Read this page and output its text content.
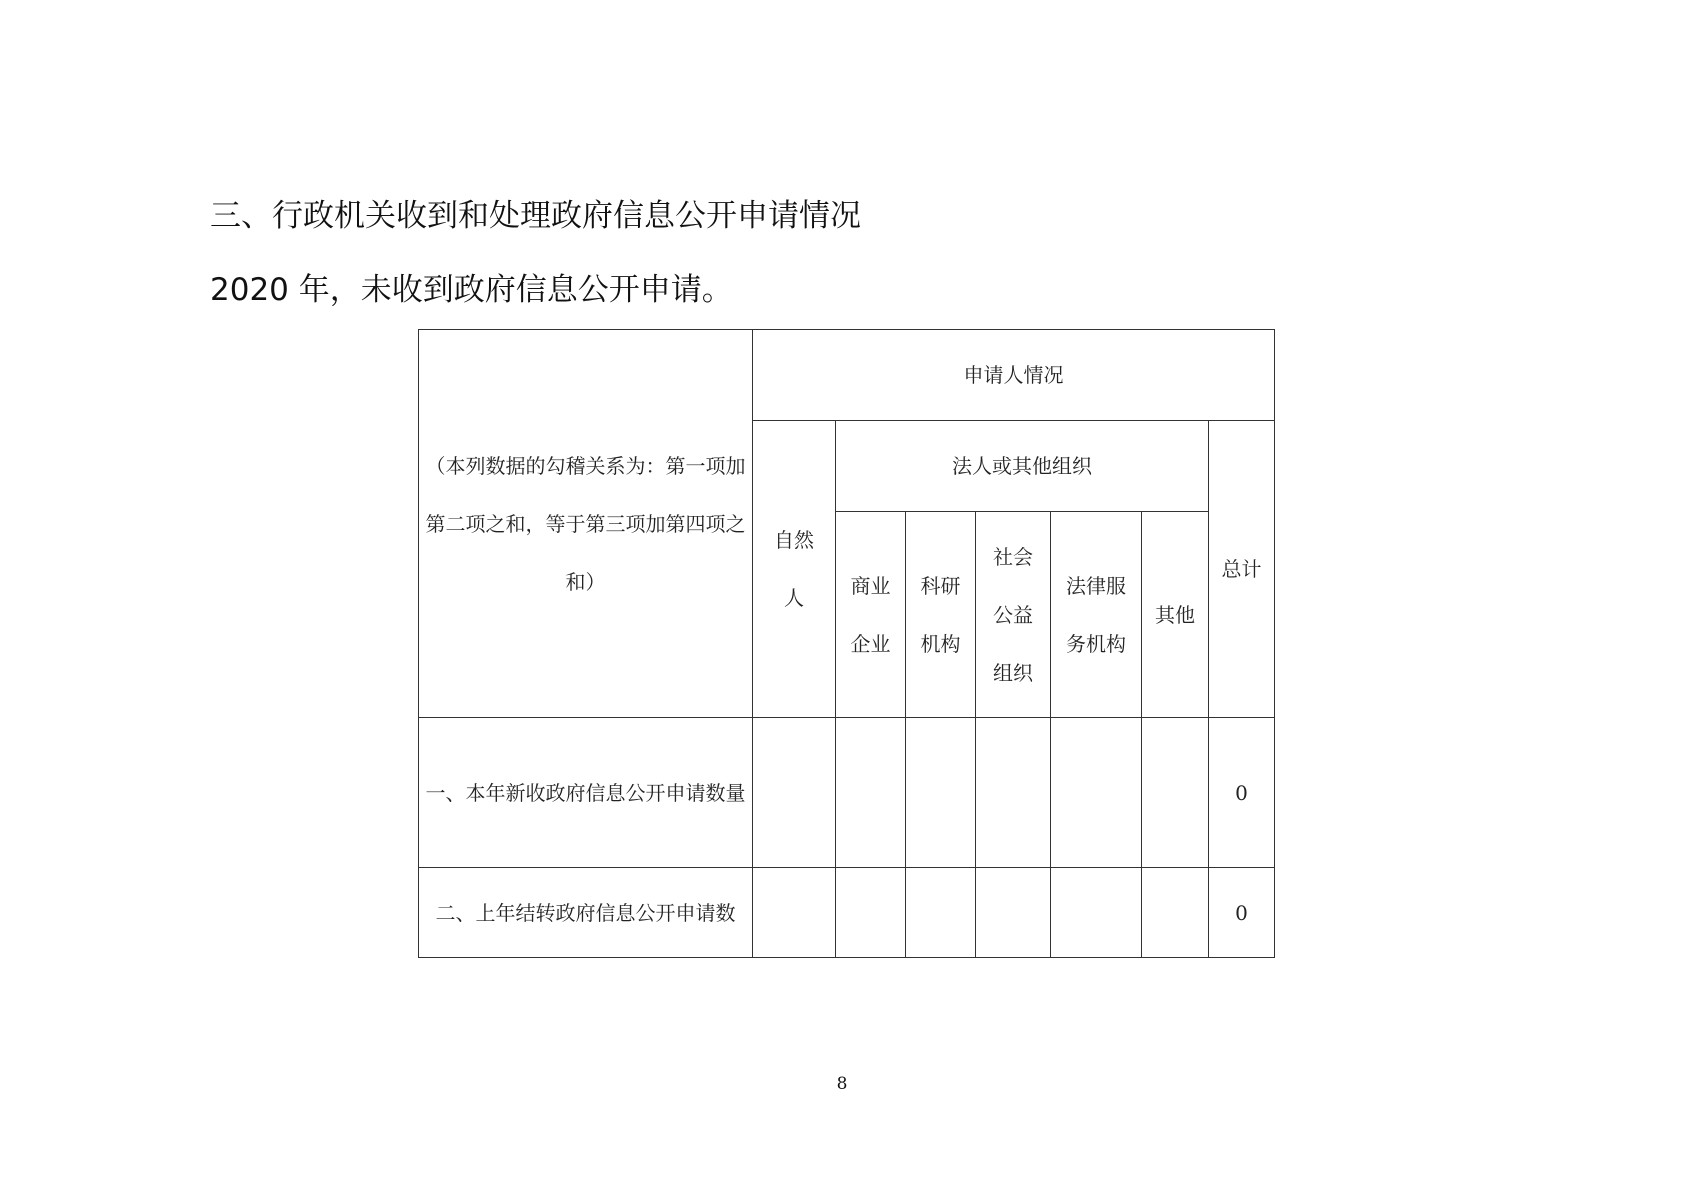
三、行政机关收到和处理政府信息公开申请情况
2020 年，未收到政府信息公开申请。
（本列数据的勾稽关系为：第一项加第二项之和，等于第三项加第四项之和）	申请人情况						
	自然人	法人或其他组织					总计
		商业企业	科研机构	社会公益组织	法律服务机构	其他	
一、本年新收政府信息公开申请数量							0
二、上年结转政府信息公开申请数							0
8
